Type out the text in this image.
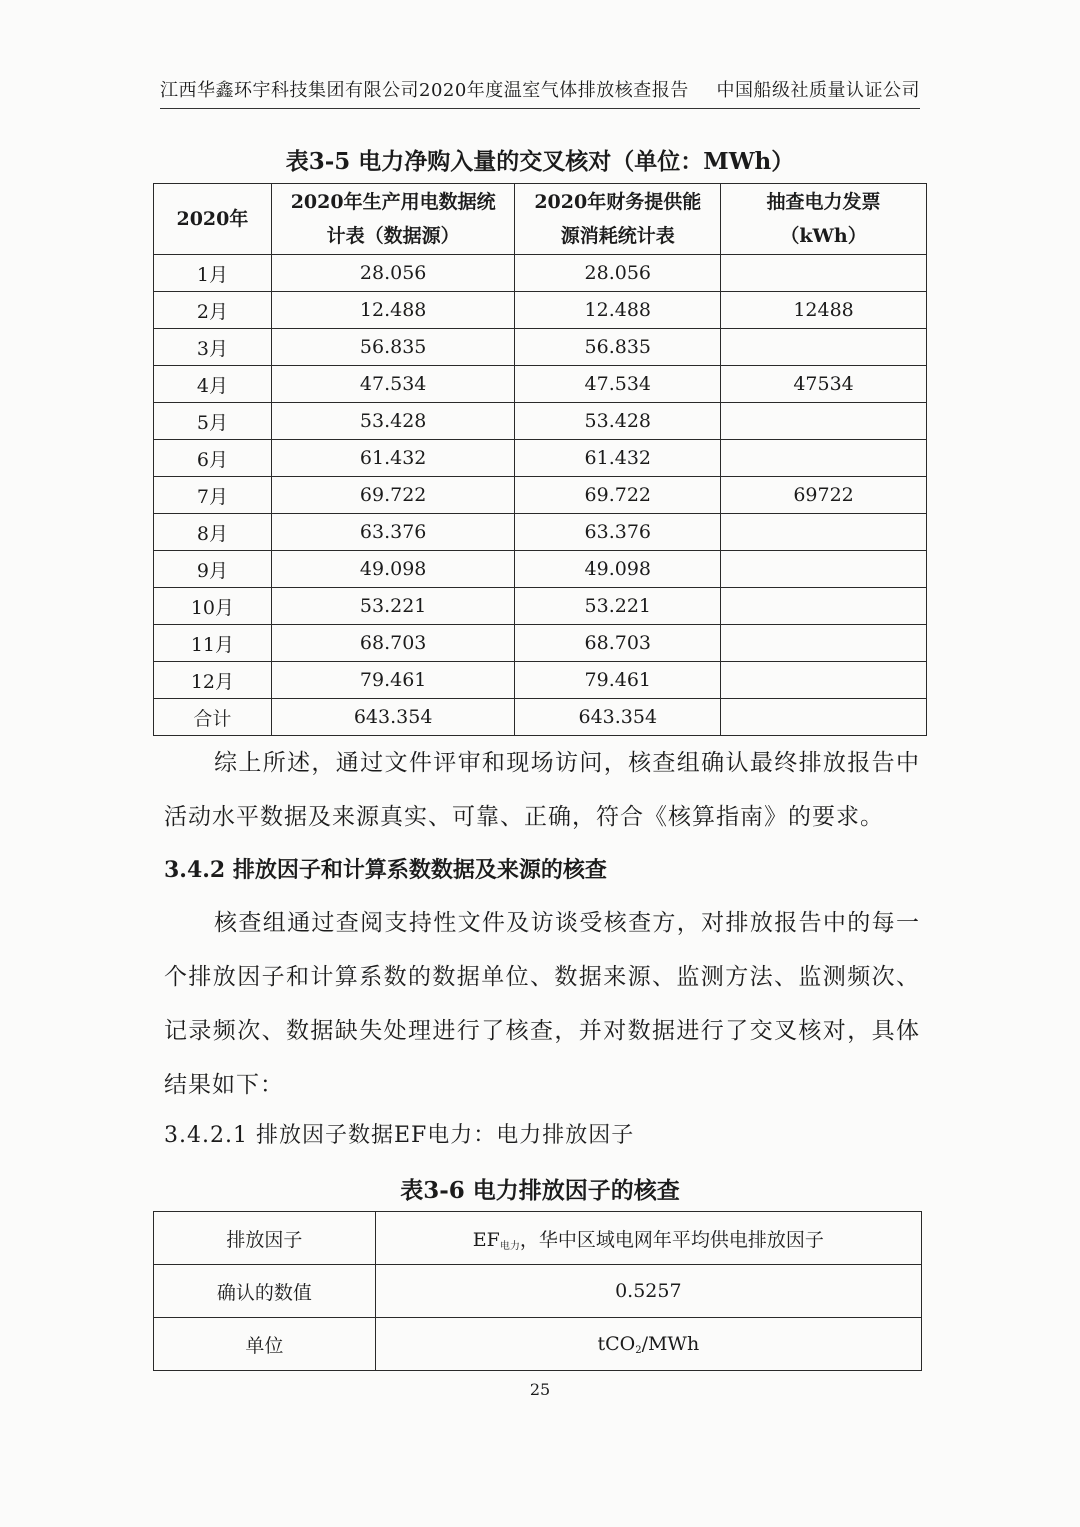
江西华鑫环宇科技集团有限公司2020年度温室气体排放核查报告 中国船级社质量认证公司
表3-5 电力净购入量的交叉核对（单位：MWh）
2020年	2020年生产用电数据统计表（数据源）	2020年财务提供能源消耗统计表	抽查电力发票（kWh）
1月	28.056	28.056	
2月	12.488	12.488	12488
3月	56.835	56.835	
4月	47.534	47.534	47534
5月	53.428	53.428	
6月	61.432	61.432	
7月	69.722	69.722	69722
8月	63.376	63.376	
9月	49.098	49.098	
10月	53.221	53.221	
11月	68.703	68.703	
12月	79.461	79.461	
合计	643.354	643.354	
综上所述，通过文件评审和现场访问，核查组确认最终排放报告中活动水平数据及来源真实、可靠、正确，符合《核算指南》的要求。
3.4.2 排放因子和计算系数数据及来源的核查
核查组通过查阅支持性文件及访谈受核查方，对排放报告中的每一个排放因子和计算系数的数据单位、数据来源、监测方法、监测频次、记录频次、数据缺失处理进行了核查，并对数据进行了交叉核对，具体结果如下：
3.4.2.1 排放因子数据EF电力：电力排放因子
表3-6 电力排放因子的核查
排放因子	$EF_{电力}$，华中区域电网年平均供电排放因子
确认的数值	0.5257
单位	tCO$_2$/MWh
25
